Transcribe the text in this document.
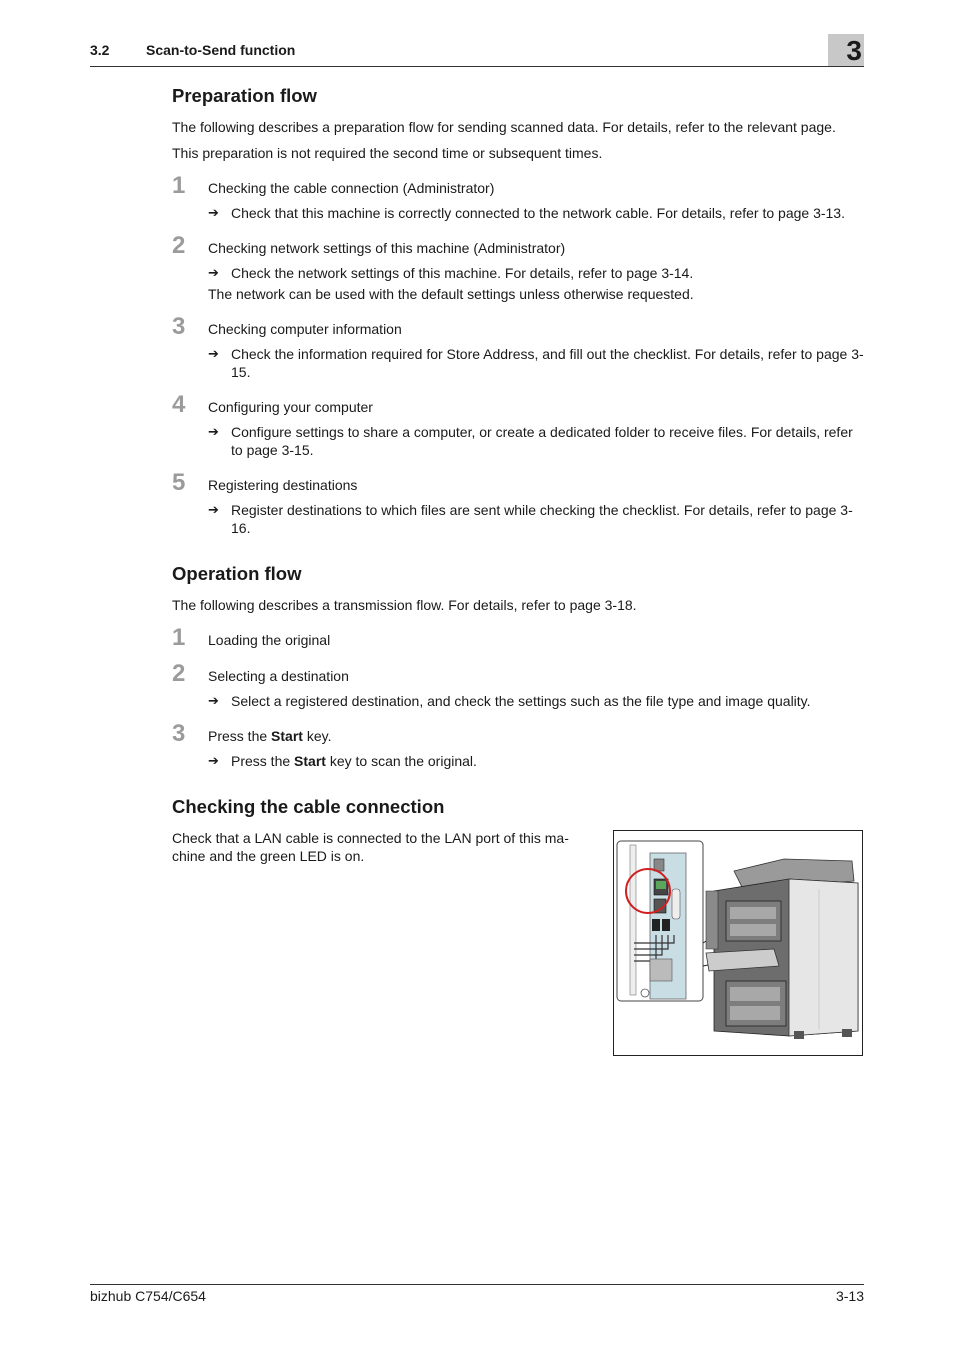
3.2	Scan-to-Send function	3
Preparation flow

The following describes a preparation flow for sending scanned data. For details, refer to the relevant page.

This preparation is not required the second time or subsequent times.

1	Checking the cable connection (Administrator)
➔ Check that this machine is correctly connected to the network cable. For details, refer to page 3-13.
2	Checking network settings of this machine (Administrator)
➔ Check the network settings of this machine. For details, refer to page 3-14.
The network can be used with the default settings unless otherwise requested.
3	Checking computer information
➔ Check the information required for Store Address, and fill out the checklist. For details, refer to page 3-15.
4	Configuring your computer
➔ Configure settings to share a computer, or create a dedicated folder to receive files. For details, refer to page 3-15.
5	Registering destinations
➔ Register destinations to which files are sent while checking the checklist. For details, refer to page 3-16.
Operation flow

The following describes a transmission flow. For details, refer to page 3-18.

1	Loading the original
2	Selecting a destination
➔ Select a registered destination, and check the settings such as the file type and image quality.
3	Press the Start key.
➔ Press the Start key to scan the original.
Checking the cable connection

Check that a LAN cable is connected to the LAN port of this ma-chine and the green LED is on.

bizhub C754/C654	3-13
